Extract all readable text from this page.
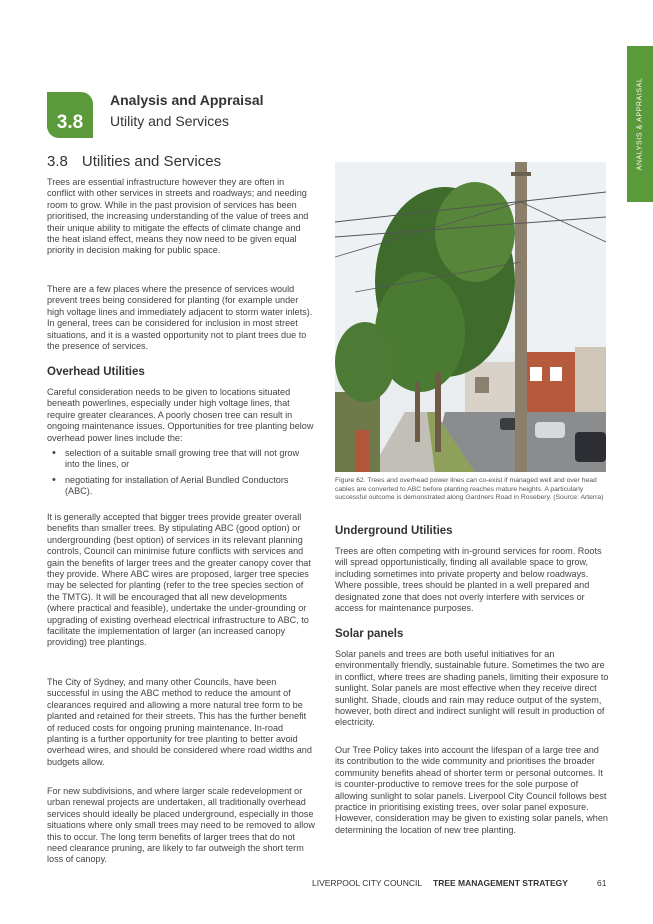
ANALYSIS & APPRAISAL
3.8
Analysis and Appraisal
Utility and Services
3.8 Utilities and Services

Trees are essential infrastructure however they are often in conflict with other services in streets and roadways; and needing room to grow. While in the past provision of services has been prioritised, the increasing understanding of the value of trees and their unique ability to mitigate the effects of climate change and the heat island effect, means they now need to be given equal priority in decision making for public space.

There are a few places where the presence of services would prevent trees being considered for planting (for example under high voltage lines and immediately adjacent to storm water inlets). In general, trees can be considered for inclusion in most street situations, and it is a wasted opportunity not to plant trees due to the presence of services.

Overhead Utilities

Careful consideration needs to be given to locations situated beneath powerlines, especially under high voltage lines, that require greater clearances. A poorly chosen tree can result in ongoing maintenance issues. Opportunities for tree planting below overhead power lines include the:

• selection of a suitable small growing tree that will not grow into the lines, or
• negotiating for installation of Aerial Bundled Conductors (ABC).

It is generally accepted that bigger trees provide greater overall benefits than smaller trees. By stipulating ABC (good option) or undergrounding (best option) of services in its relevant planning controls, Council can minimise future conflicts with services and gain the benefits of larger trees and the greater canopy cover that they provide. Where ABC wires are proposed, larger tree species may be selected for planting (refer to the tree species section of the TMTG). It will be encouraged that all new developments (where practical and feasible), undertake the under-grounding or upgrading of existing overhead electrical infrastructure to ABC, to facilitate the implementation of larger (an increased canopy providing) tree plantings.

The City of Sydney, and many other Councils, have been successful in using the ABC method to reduce the amount of clearances required and allowing a more natural tree form to be planted and retained for their streets. This has the further benefit of reduced costs for ongoing pruning maintenance. In-road planting is a further opportunity for tree planting to better avoid overhead wires, and should be considered where road widths and budgets allow.

For new subdivisions, and where larger scale redevelopment or urban renewal projects are undertaken, all traditionally overhead services should ideally be placed underground, especially in those situations where only small trees may need to be removed to allow this to occur. The long term benefits of larger trees that do not need clearance pruning, are likely to far outweigh the short term loss of canopy.

Figure 62. Trees and overhead power lines can co-exist if managed well and over head cables are converted to ABC before planting reaches mature heights. A particularly successful outcome is demonstrated along Gardners Road in Rosebery. (Source: Arterra)

Underground Utilities

Trees are often competing with in-ground services for room. Roots will spread opportunistically, finding all available space to grow, including sometimes into private property and below roadways. Where possible, trees should be planted in a well prepared and designated zone that does not overly interfere with services or access for maintenance purposes.

Solar panels

Solar panels and trees are both useful initiatives for an environmentally friendly, sustainable future. Sometimes the two are in conflict, where trees are shading panels, limiting their exposure to sunlight. Solar panels are most effective when they receive direct sunlight. Shade, clouds and rain may reduce output of the system, however, both direct and indirect sunlight will result in production of electricity.

Our Tree Policy takes into account the lifespan of a large tree and its contribution to the wide community and prioritises the broader community benefits ahead of shorter term or personal outcomes. It is counter-productive to remove trees for the sole purpose of allowing sunlight to solar panels. Liverpool City Council follows best practice in prioritising existing trees, over solar panel exposure. However, consideration may be given to existing solar panels, when determining the location of new tree planting.

LIVERPOOL CITY COUNCIL TREE MANAGEMENT STRATEGY	61
